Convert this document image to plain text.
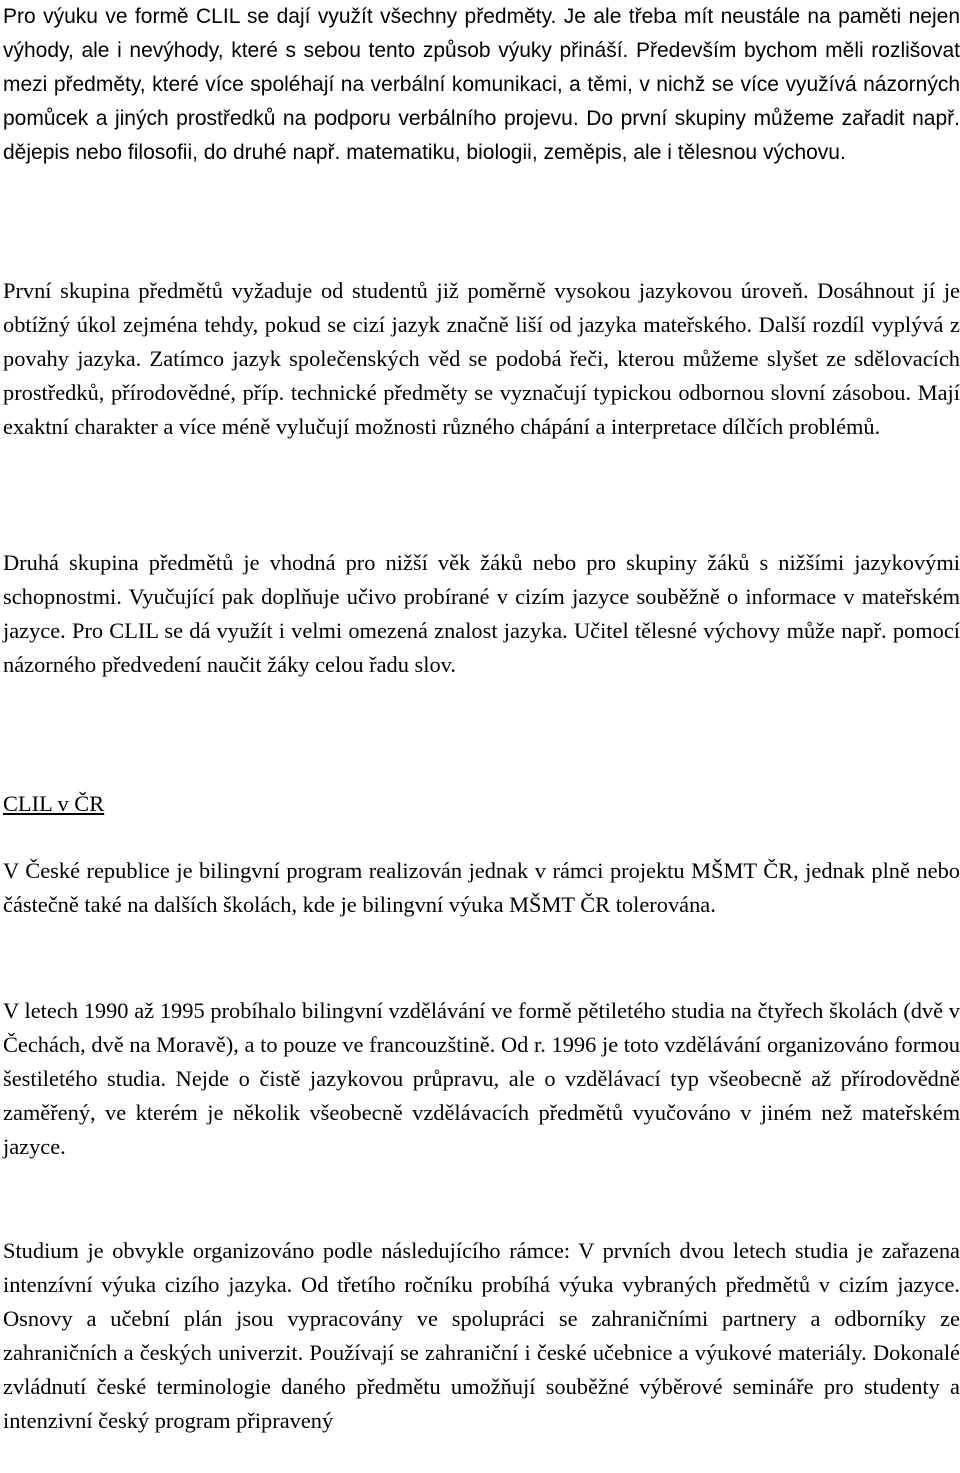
Pro výuku ve formě CLIL se dají využít všechny předměty. Je ale třeba mít neustále na paměti nejen výhody, ale i nevýhody, které s sebou tento způsob výuky přináší. Především bychom měli rozlišovat mezi předměty, které více spoléhají na verbální komunikaci, a těmi, v nichž se více využívá názorných pomůcek a jiných prostředků na podporu verbálního projevu. Do první skupiny můžeme zařadit např. dějepis nebo filosofii, do druhé např. matematiku, biologii, zeměpis, ale i tělesnou výchovu.

První skupina předmětů vyžaduje od studentů již poměrně vysokou jazykovou úroveň. Dosáhnout jí je obtížný úkol zejména tehdy, pokud se cizí jazyk značně liší od jazyka mateřského. Další rozdíl vyplývá z povahy jazyka. Zatímco jazyk společenských věd se podobá řeči, kterou můžeme slyšet ze sdělovacích prostředků, přírodovědné, příp. technické předměty se vyznačují typickou odbornou slovní zásobou. Mají exaktní charakter a více méně vylučují možnosti různého chápání a interpretace dílčích problémů.

Druhá skupina předmětů je vhodná pro nižší věk žáků nebo pro skupiny žáků s nižšími jazykovými schopnostmi. Vyučující pak doplňuje učivo probírané v cizím jazyce souběžně o informace v mateřském jazyce. Pro CLIL se dá využít i velmi omezená znalost jazyka. Učitel tělesné výchovy může např. pomocí názorného předvedení naučit žáky celou řadu slov.

CLIL v ČR

V České republice je bilingvní program realizován jednak v rámci projektu MŠMT ČR, jednak plně nebo částečně také na dalších školách, kde je bilingvní výuka MŠMT ČR tolerována.

V letech 1990 až 1995 probíhalo bilingvní vzdělávání ve formě pětiletého studia na čtyřech školách (dvě v Čechách, dvě na Moravě), a to pouze ve francouzštině. Od r. 1996 je toto vzdělávání organizováno formou šestiletého studia. Nejde o čistě jazykovou průpravu, ale o vzdělávací typ všeobecně až přírodovědně zaměřený, ve kterém je několik všeobecně vzdělávacích předmětů vyučováno v jiném než mateřském jazyce.

Studium je obvykle organizováno podle následujícího rámce: V prvních dvou letech studia je zařazena intenzívní výuka cizího jazyka. Od třetího ročníku probíhá výuka vybraných předmětů v cizím jazyce. Osnovy a učební plán jsou vypracovány ve spolupráci se zahraničními partnery a odborníky ze zahraničních a českých univerzit. Používají se zahraniční i české učebnice a výukové materiály. Dokonalé zvládnutí české terminologie daného předmětu umožňují souběžné výběrové semináře pro studenty a intenzivní český program připravený
